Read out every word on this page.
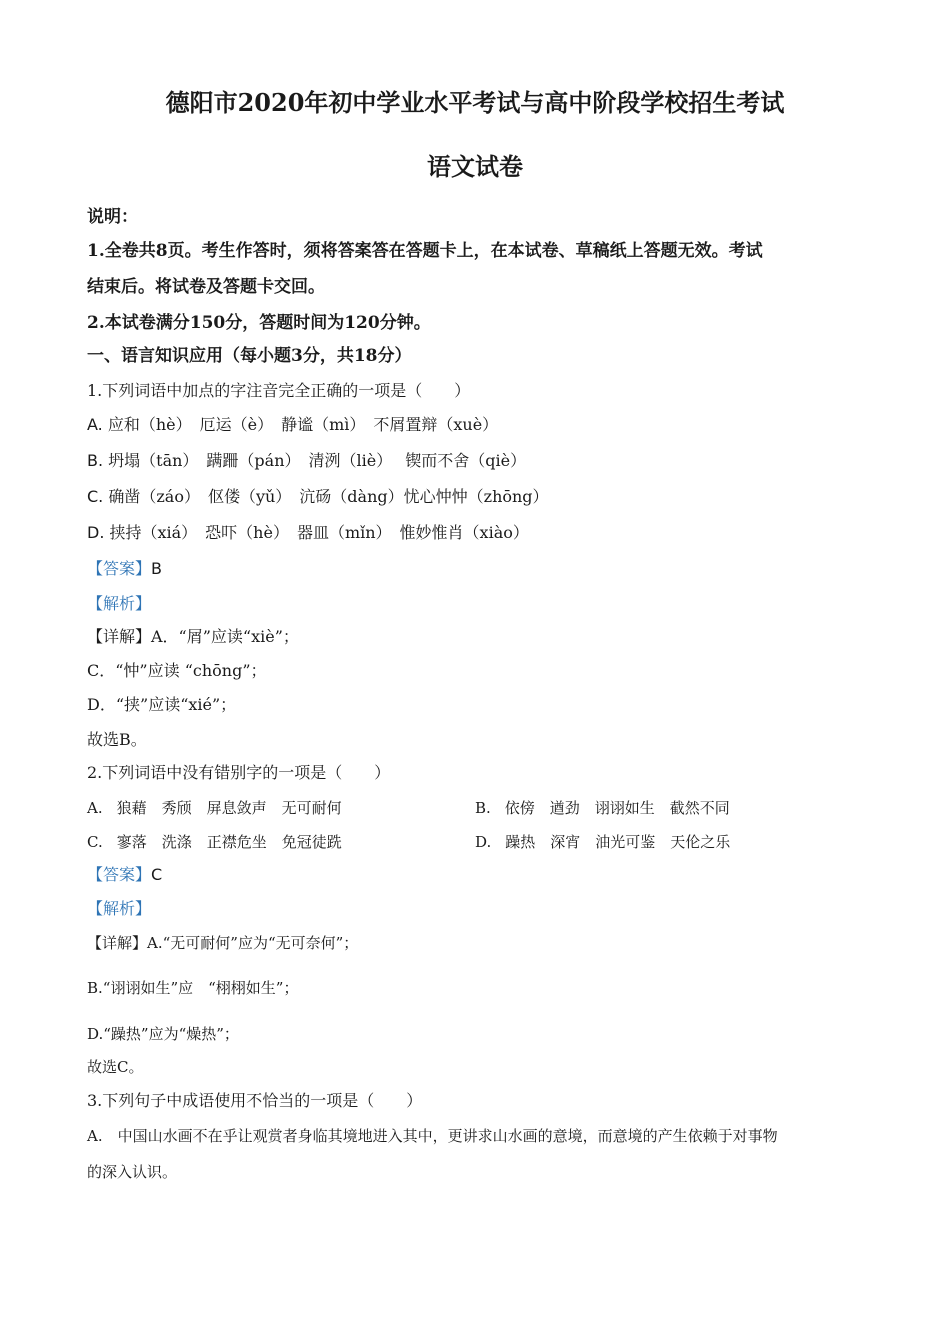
德阳市2020年初中学业水平考试与高中阶段学校招生考试
语文试卷
说明：
1.全卷共8页。考生作答时，须将答案答在答题卡上，在本试卷、草稿纸上答题无效。考试
结束后。将试卷及答题卡交回。
2.本试卷满分150分，答题时间为120分钟。
一、语言知识应用（每小题3分，共18分）
1.下列词语中加点的字注音完全正确的一项是（　　）
A. 应和（hè）　厄运（è）　静谧（mì）　不屑置辩（xuè）
B. 坍塌（tān）　蹒跚（pán）　清洌（liè）　 锲而不舍（qiè）
C. 确凿（záo）　伛偻（yǔ）　沆砀（dàng）忧心忡忡（zhōng）
D. 挟持（xiá）　恐吓（hè）　器皿（mǐn）　惟妙惟肖（xiào）
【答案】B
【解析】
【详解】A．“屑”应读“xiè”；
C．“忡”应读 “chōng”；
D．“挟”应读“xié”；
故选B。
2.下列词语中没有错别字的一项是（　　）
A. 狼藉　秀颀　屏息敛声　无可耐何	B. 依傍　遒劲　诩诩如生　截然不同
C. 寥落　洗涤　正襟危坐　免冠徒跣	D. 躁热　深宵　油光可鉴　天伦之乐
【答案】C
【解析】
【详解】A.“无可耐何”应为“无可奈何”；
B.“诩诩如生”应　“栩栩如生”；
D.“躁热”应为“燥热”；
故选C。
3.下列句子中成语使用不恰当的一项是（　　）
A.　中国山水画不在乎让观赏者身临其境地进入其中，更讲求山水画的意境，而意境的产生依赖于对事物
的深入认识。
